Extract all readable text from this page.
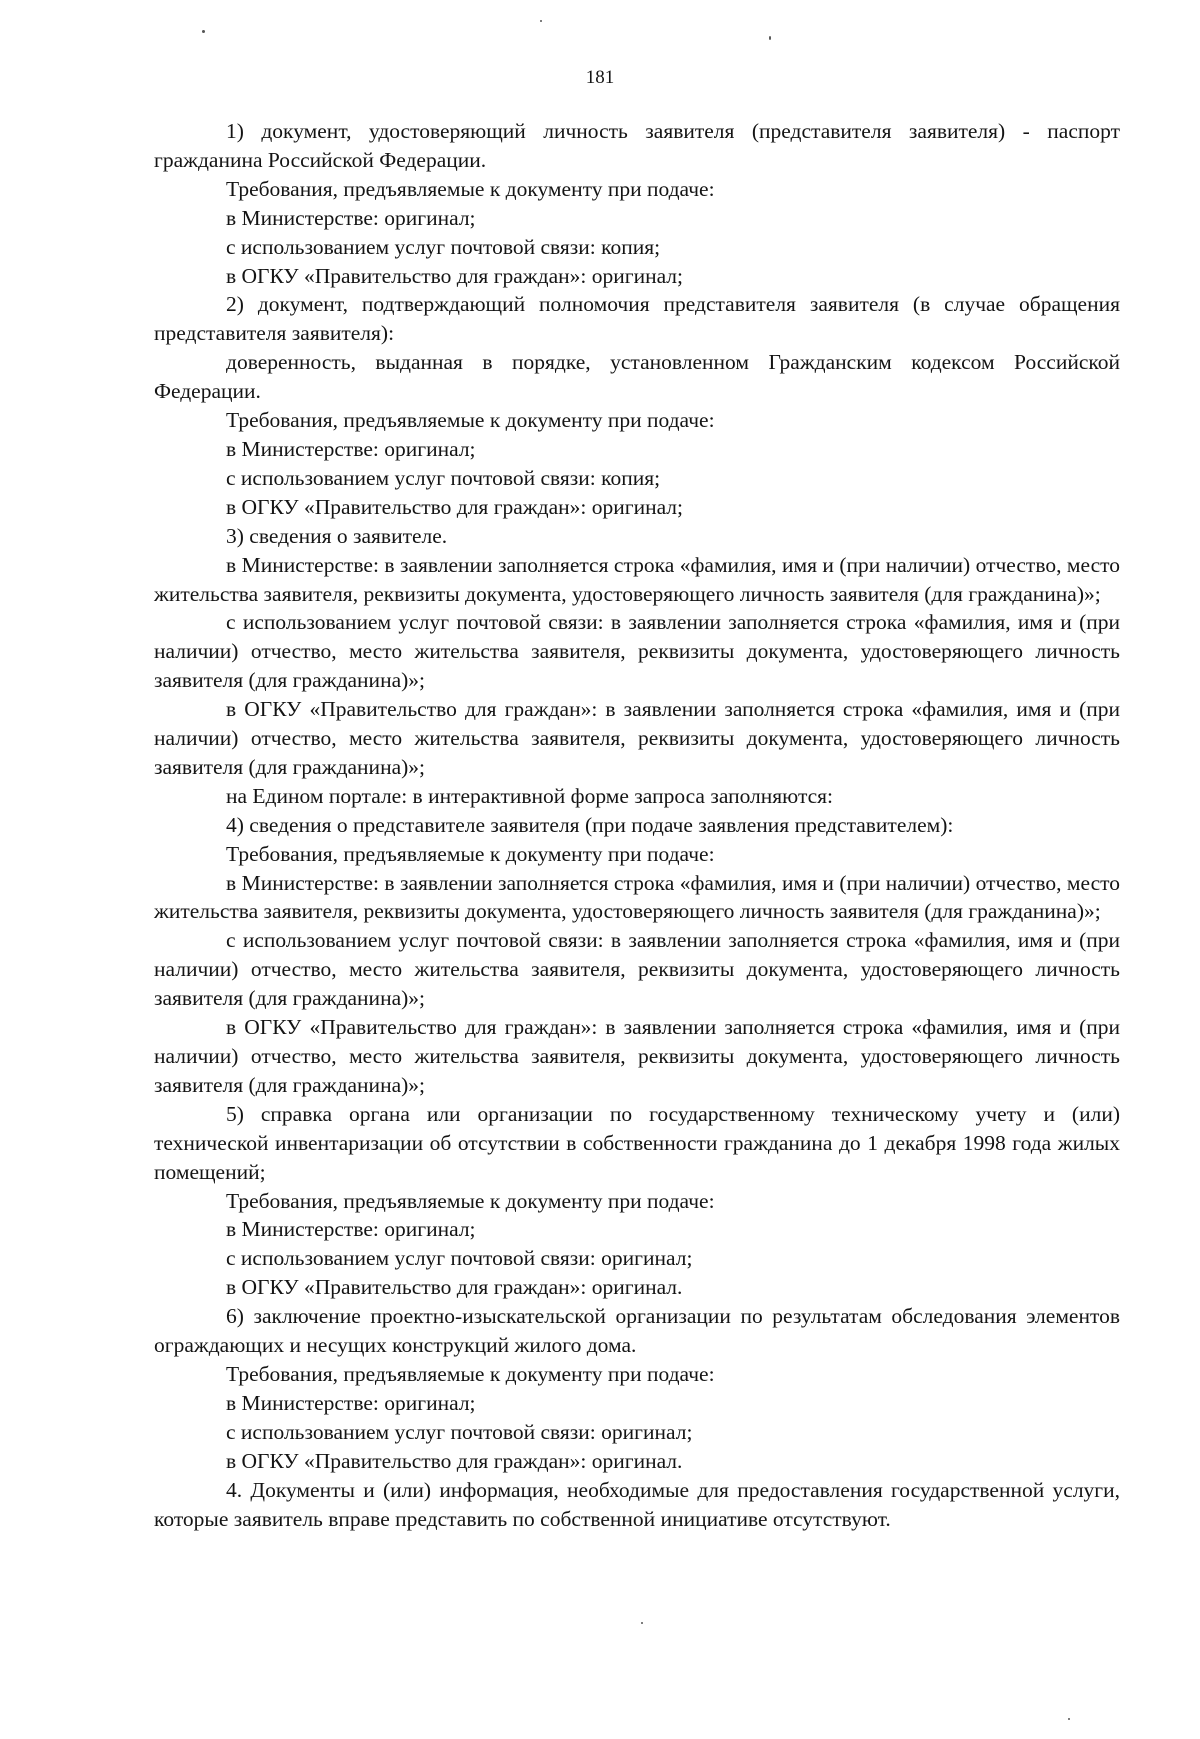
181

1) документ, удостоверяющий личность заявителя (представителя заявителя) - паспорт гражданина Российской Федерации.

Требования, предъявляемые к документу при подаче:

в Министерстве: оригинал;

с использованием услуг почтовой связи: копия;

в ОГКУ «Правительство для граждан»: оригинал;

2) документ, подтверждающий полномочия представителя заявителя (в случае обращения представителя заявителя):

доверенность, выданная в порядке, установленном Гражданским кодексом Российской Федерации.

Требования, предъявляемые к документу при подаче:

в Министерстве: оригинал;

с использованием услуг почтовой связи: копия;

в ОГКУ «Правительство для граждан»: оригинал;

3) сведения о заявителе.

в Министерстве: в заявлении заполняется строка «фамилия, имя и (при наличии) отчество, место жительства заявителя, реквизиты документа, удостоверяющего личность заявителя (для гражданина)»;

с использованием услуг почтовой связи: в заявлении заполняется строка «фамилия, имя и (при наличии) отчество, место жительства заявителя, реквизиты документа, удостоверяющего личность заявителя (для гражданина)»;

в ОГКУ «Правительство для граждан»: в заявлении заполняется строка «фамилия, имя и (при наличии) отчество, место жительства заявителя, реквизиты документа, удостоверяющего личность заявителя (для гражданина)»;

на Едином портале: в интерактивной форме запроса заполняются:

4) сведения о представителе заявителя (при подаче заявления представителем):

Требования, предъявляемые к документу при подаче:

в Министерстве: в заявлении заполняется строка «фамилия, имя и (при наличии) отчество, место жительства заявителя, реквизиты документа, удостоверяющего личность заявителя (для гражданина)»;

с использованием услуг почтовой связи: в заявлении заполняется строка «фамилия, имя и (при наличии) отчество, место жительства заявителя, реквизиты документа, удостоверяющего личность заявителя (для гражданина)»;

в ОГКУ «Правительство для граждан»: в заявлении заполняется строка «фамилия, имя и (при наличии) отчество, место жительства заявителя, реквизиты документа, удостоверяющего личность заявителя (для гражданина)»;

5) справка органа или организации по государственному техническому учету и (или) технической инвентаризации об отсутствии в собственности гражданина до 1 декабря 1998 года жилых помещений;

Требования, предъявляемые к документу при подаче:

в Министерстве: оригинал;

с использованием услуг почтовой связи: оригинал;

в ОГКУ «Правительство для граждан»: оригинал.

6) заключение проектно-изыскательской организации по результатам обследования элементов ограждающих и несущих конструкций жилого дома.

Требования, предъявляемые к документу при подаче:

в Министерстве: оригинал;

с использованием услуг почтовой связи: оригинал;

в ОГКУ «Правительство для граждан»: оригинал.

4. Документы и (или) информация, необходимые для предоставления государственной услуги, которые заявитель вправе представить по собственной инициативе отсутствуют.
